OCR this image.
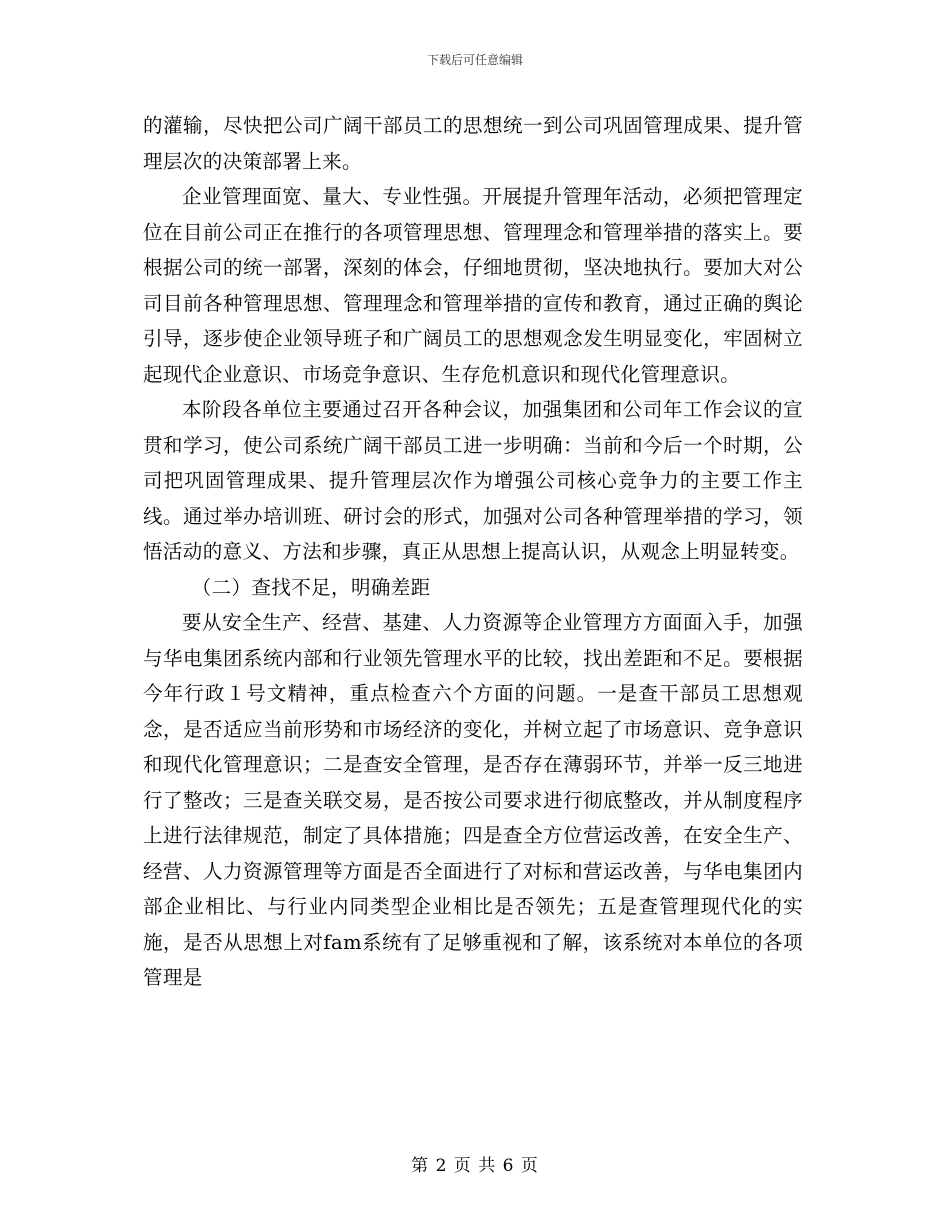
下载后可任意编辑

的灌输，尽快把公司广阔干部员工的思想统一到公司巩固管理成果、提升管理层次的决策部署上来。

企业管理面宽、量大、专业性强。开展提升管理年活动，必须把管理定位在目前公司正在推行的各项管理思想、管理理念和管理举措的落实上。要根据公司的统一部署，深刻的体会，仔细地贯彻，坚决地执行。要加大对公司目前各种管理思想、管理理念和管理举措的宣传和教育，通过正确的舆论引导，逐步使企业领导班子和广阔员工的思想观念发生明显变化，牢固树立起现代企业意识、市场竞争意识、生存危机意识和现代化管理意识。

本阶段各单位主要通过召开各种会议，加强集团和公司年工作会议的宣贯和学习，使公司系统广阔干部员工进一步明确：当前和今后一个时期，公司把巩固管理成果、提升管理层次作为增强公司核心竞争力的主要工作主线。通过举办培训班、研讨会的形式，加强对公司各种管理举措的学习，领悟活动的意义、方法和步骤，真正从思想上提高认识，从观念上明显转变。

（二）查找不足，明确差距

要从安全生产、经营、基建、人力资源等企业管理方方面面入手，加强与华电集团系统内部和行业领先管理水平的比较，找出差距和不足。要根据今年行政１号文精神，重点检查六个方面的问题。一是查干部员工思想观念，是否适应当前形势和市场经济的变化，并树立起了市场意识、竞争意识和现代化管理意识；二是查安全管理，是否存在薄弱环节，并举一反三地进行了整改；三是查关联交易，是否按公司要求进行彻底整改，并从制度程序上进行法律规范，制定了具体措施；四是查全方位营运改善，在安全生产、经营、人力资源管理等方面是否全面进行了对标和营运改善，与华电集团内部企业相比、与行业内同类型企业相比是否领先；五是查管理现代化的实施，是否从思想上对fam系统有了足够重视和了解，该系统对本单位的各项管理是

第 2 页 共 6 页
